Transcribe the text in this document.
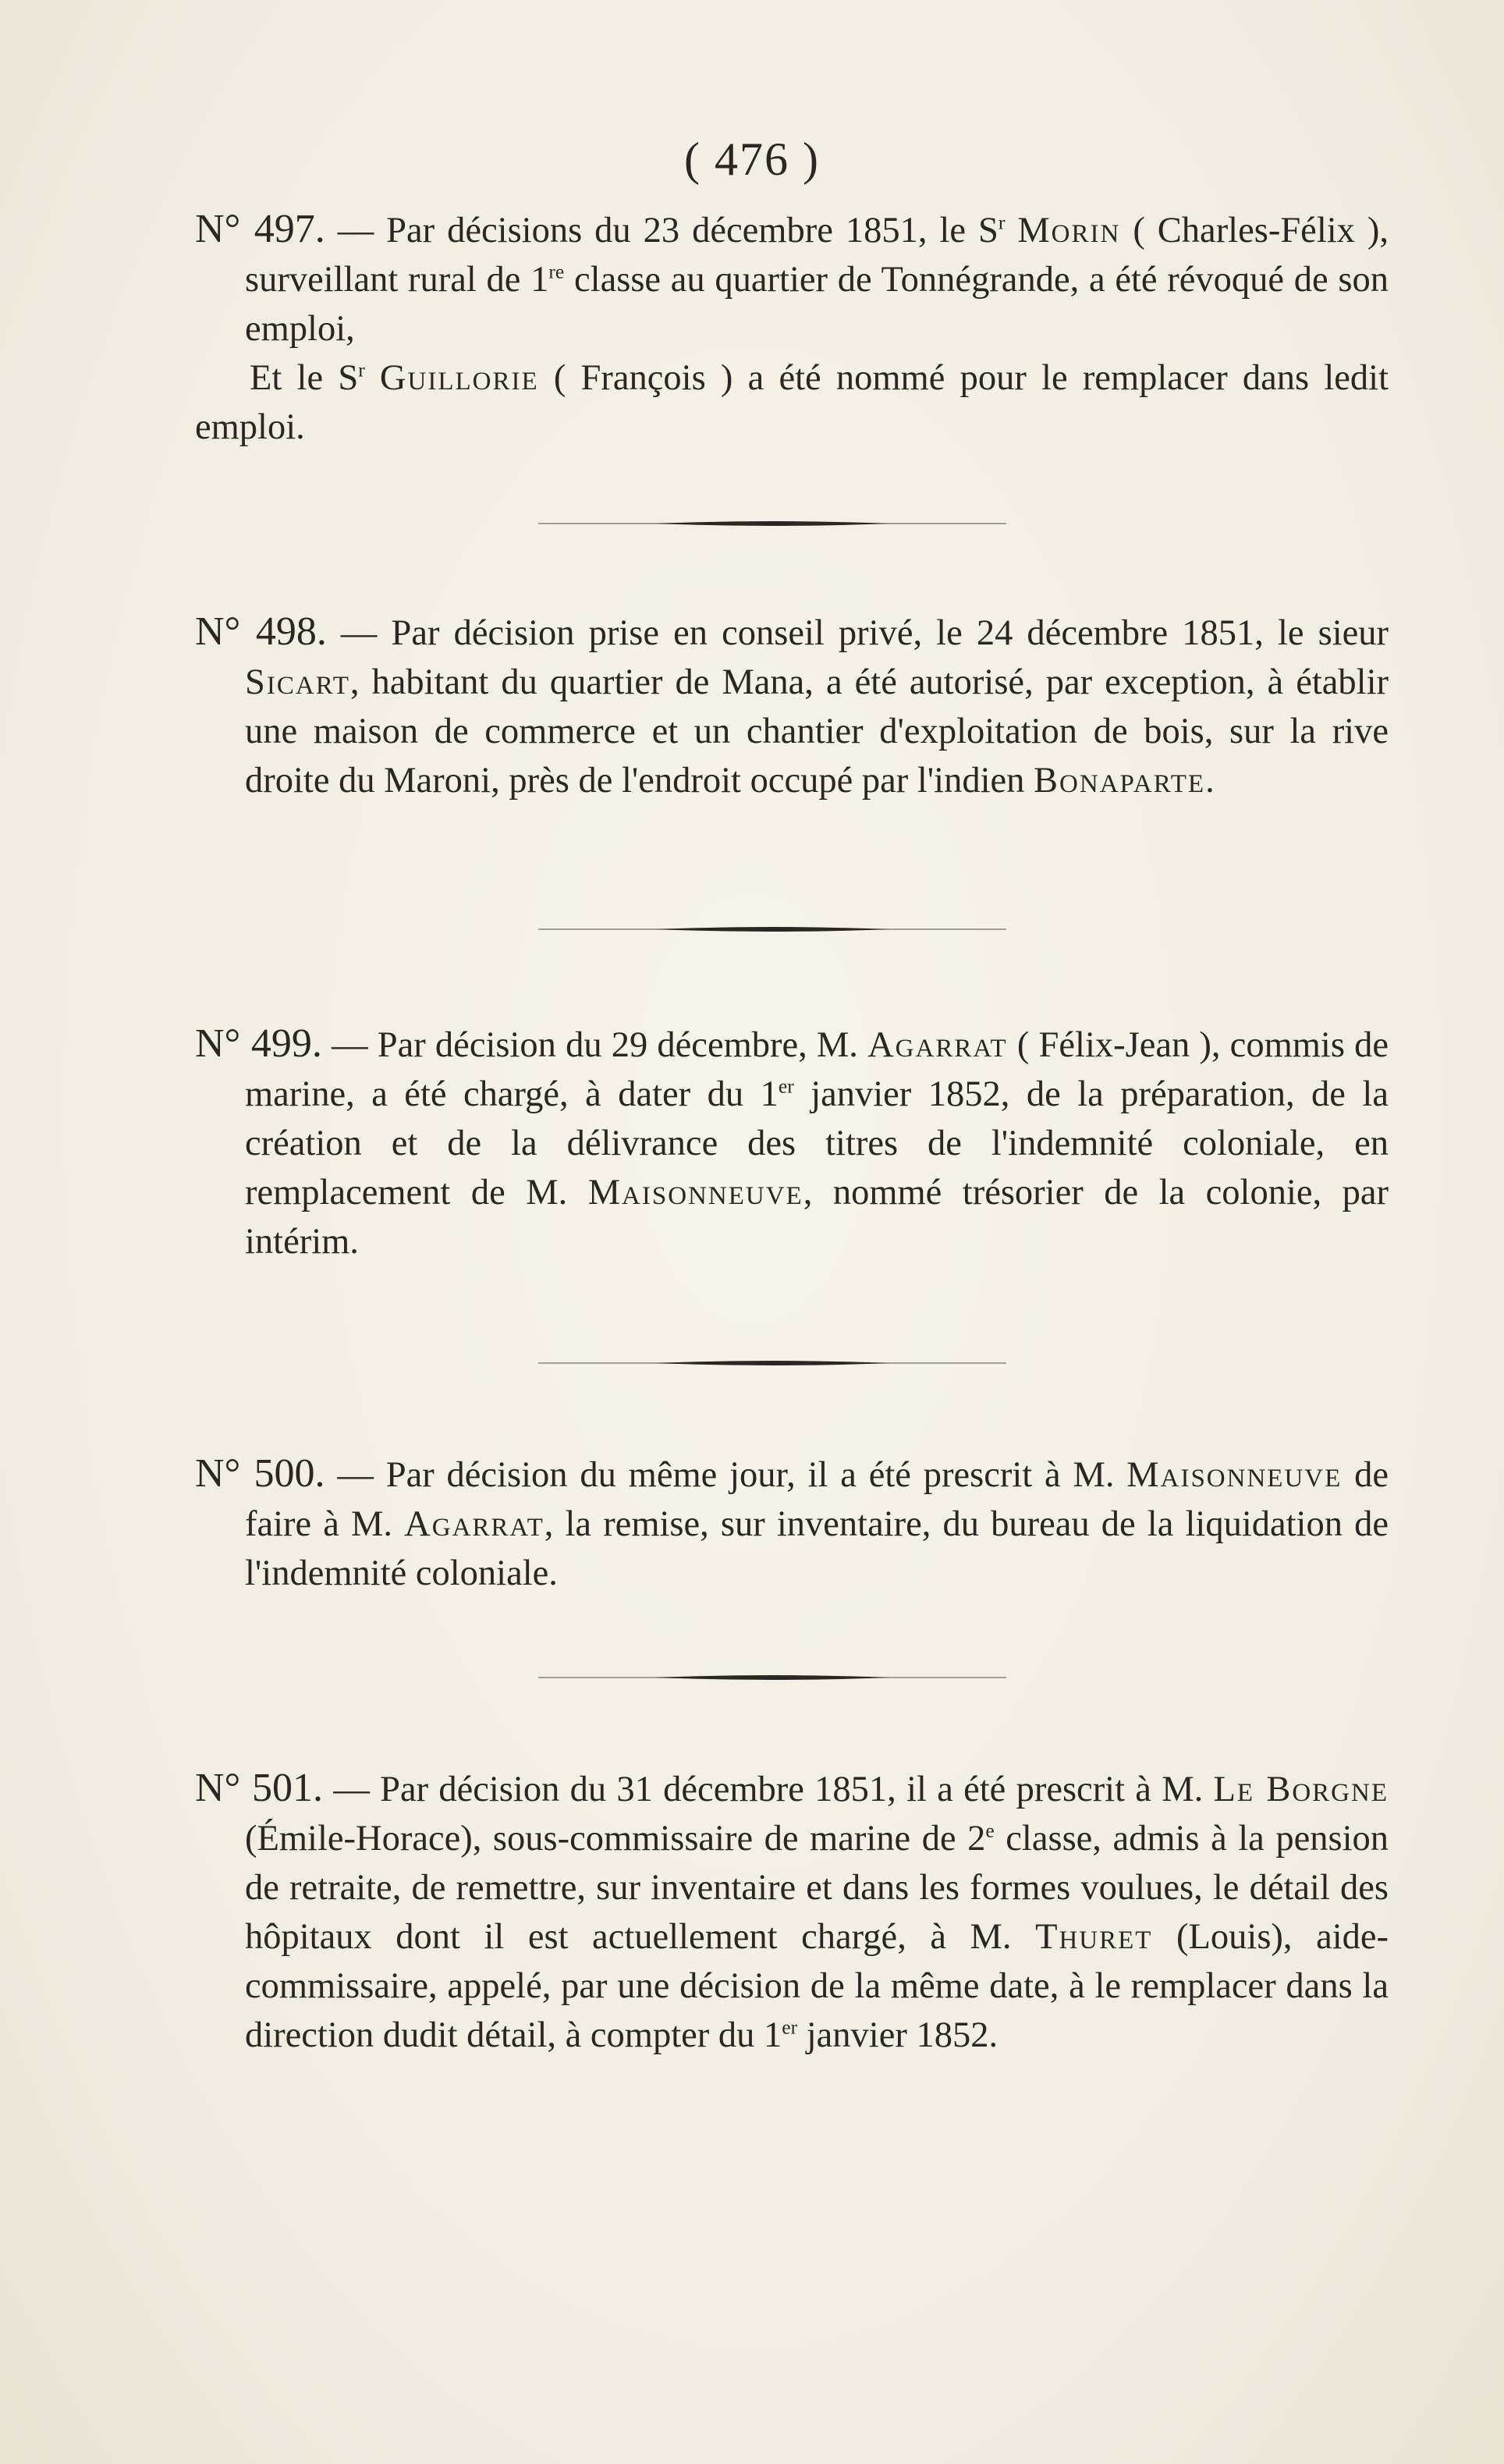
( 476 )

N° 497. — Par décisions du 23 décembre 1851, le $S^r$ Morin ( Charles-Félix ), surveillant rural de 1re classe au quartier de Tonnégrande, a été révoqué de son emploi,

Et le $S^r$ Guillorie ( François ) a été nommé pour le remplacer dans ledit emploi.

N° 498. — Par décision prise en conseil privé, le 24 décembre 1851, le sieur Sicart, habitant du quartier de Mana, a été autorisé, par exception, à établir une maison de commerce et un chantier d'exploitation de bois, sur la rive droite du Maroni, près de l'endroit occupé par l'indien Bonaparte.

N° 499. — Par décision du 29 décembre, M. Agarrat ( Félix-Jean ), commis de marine, a été chargé, à dater du 1er janvier 1852, de la préparation, de la création et de la délivrance des titres de l'indemnité coloniale, en remplacement de M. Maisonneuve, nommé trésorier de la colonie, par intérim.

N° 500. — Par décision du même jour, il a été prescrit à M. Maisonneuve de faire à M. Agarrat, la remise, sur inventaire, du bureau de la liquidation de l'indemnité coloniale.

N° 501. — Par décision du 31 décembre 1851, il a été prescrit à M. Le Borgne (Émile-Horace), sous-commissaire de marine de 2e classe, admis à la pension de retraite, de remettre, sur inventaire et dans les formes voulues, le détail des hôpitaux dont il est actuellement chargé, à M. Thuret (Louis), aide-commissaire, appelé, par une décision de la même date, à le remplacer dans la direction dudit détail, à compter du 1er janvier 1852.
